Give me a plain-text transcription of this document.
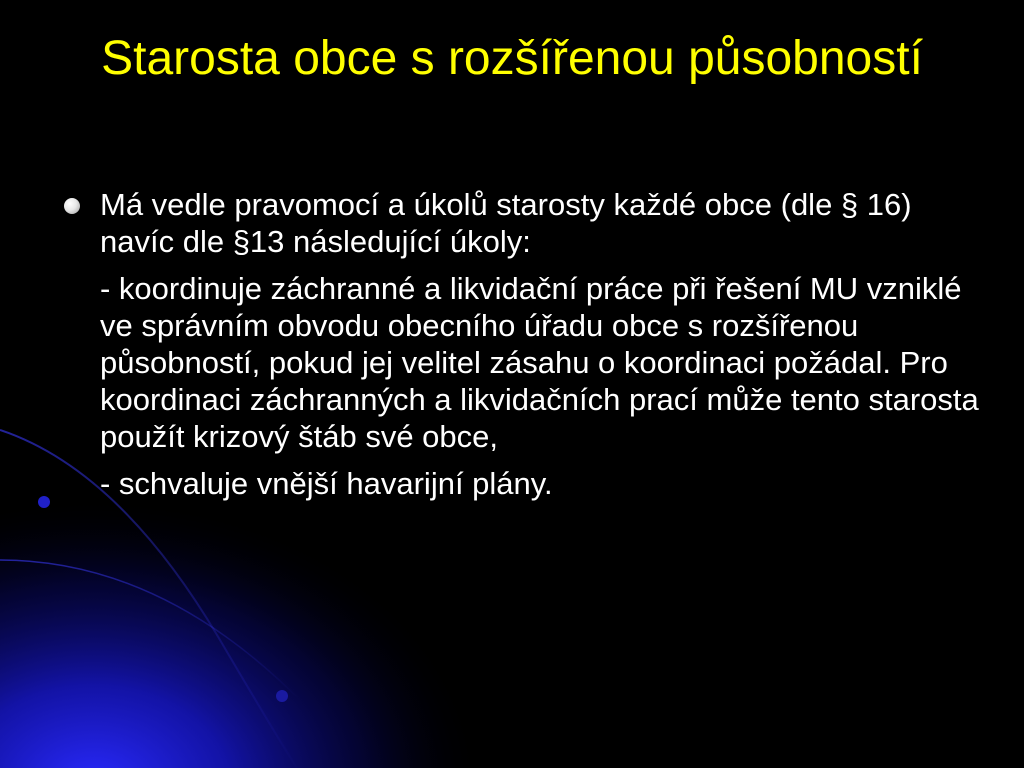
Starosta obce s rozšířenou působností

Má vedle pravomocí a úkolů starosty každé obce (dle § 16) navíc dle §13 následující úkoly:

- koordinuje záchranné a likvidační práce při řešení MU vzniklé ve správním obvodu obecního úřadu obce s rozšířenou působností, pokud jej velitel zásahu o koordinaci požádal. Pro koordinaci záchranných a likvidačních prací může tento starosta použít krizový štáb své obce,

- schvaluje vnější havarijní plány.
